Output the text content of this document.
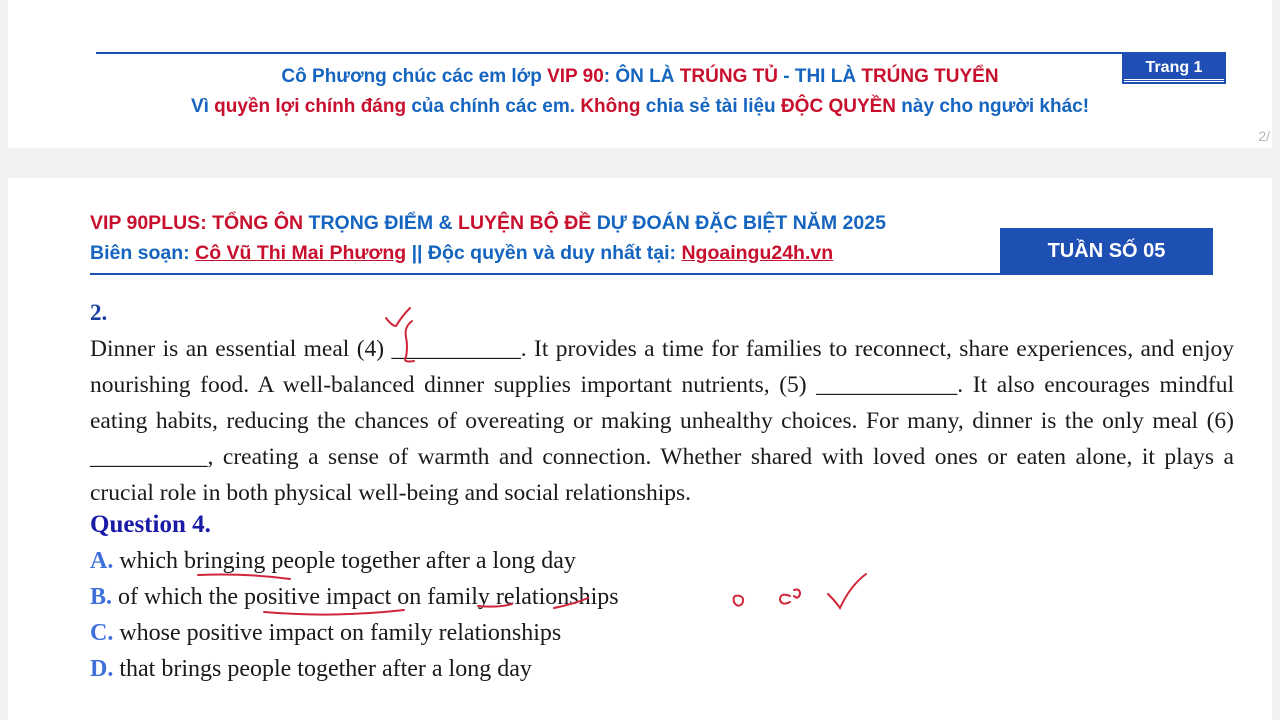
Cô Phương chúc các em lớp VIP 90: ÔN LÀ TRÚNG TỦ - THI LÀ TRÚNG TUYỂN
Vì quyền lợi chính đáng của chính các em. Không chia sẻ tài liệu ĐỘC QUYỀN này cho người khác!
Trang 1
2/
VIP 90PLUS: TỔNG ÔN TRỌNG ĐIỂM & LUYỆN BỘ ĐỀ DỰ ĐOÁN ĐẶC BIỆT NĂM 2025
Biên soạn: Cô Vũ Thi Mai Phương || Độc quyền và duy nhất tại: Ngoaingu24h.vn	TUẦN SỐ 05
2.
Dinner is an essential meal (4) ___________. It provides a time for families to reconnect, share experiences, and enjoy nourishing food. A well-balanced dinner supplies important nutrients, (5) ____________. It also encourages mindful eating habits, reducing the chances of overeating or making unhealthy choices. For many, dinner is the only meal (6) __________, creating a sense of warmth and connection. Whether shared with loved ones or eaten alone, it plays a crucial role in both physical well-being and social relationships.
Question 4.
A. which bringing people together after a long day
B. of which the positive impact on family relationships
C. whose positive impact on family relationships
D. that brings people together after a long day
